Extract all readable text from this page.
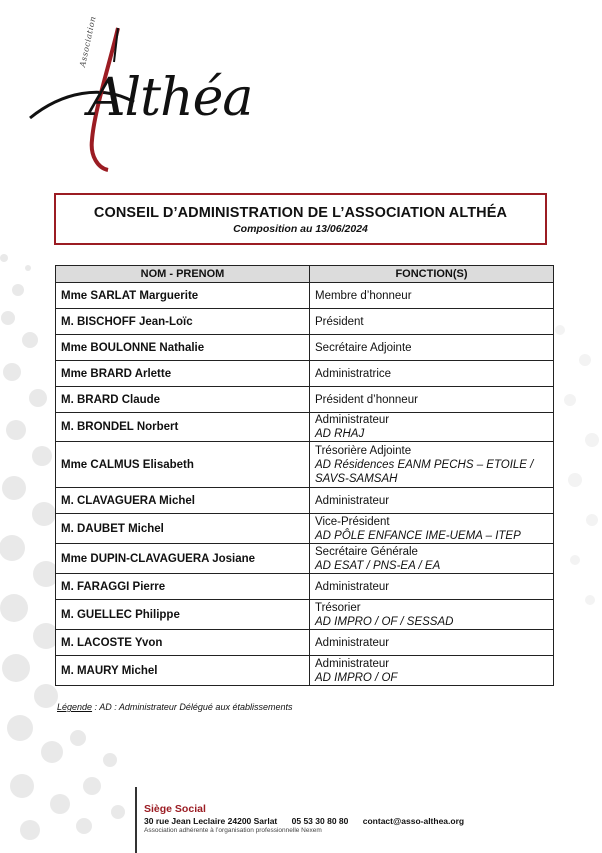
Association
Althéa
CONSEIL D’ADMINISTRATION DE L’ASSOCIATION ALTHÉA
Composition au 13/06/2024
NOM - PRENOM	FONCTION(S)
Mme SARLAT Marguerite	Membre d’honneur

M. BISCHOFF Jean-Loïc	Président

Mme BOULONNE Nathalie	Secrétaire Adjointe

Mme BRARD Arlette	Administratrice

M. BRARD Claude	Président d’honneur

M. BRONDEL Norbert	Administrateur
AD RHAJ

Mme CALMUS Elisabeth	Trésorière Adjointe
AD Résidences EANM PECHS – ETOILE / SAVS-SAMSAH

M. CLAVAGUERA Michel	Administrateur

M. DAUBET Michel	Vice-Président
AD PÔLE ENFANCE IME-UEMA – ITEP

Mme DUPIN-CLAVAGUERA Josiane	Secrétaire Générale
AD ESAT / PNS-EA / EA

M. FARAGGI Pierre	Administrateur

M. GUELLEC Philippe	Trésorier
AD IMPRO / OF / SESSAD

M. LACOSTE Yvon	Administrateur

M. MAURY Michel	Administrateur
AD IMPRO / OF
Légende : AD : Administrateur Délégué aux établissements
Siège Social
30 rue Jean Leclaire 24200 Sarlat 05 53 30 80 80 contact@asso-althea.org
Association adhérente à l’organisation professionnelle Nexem
